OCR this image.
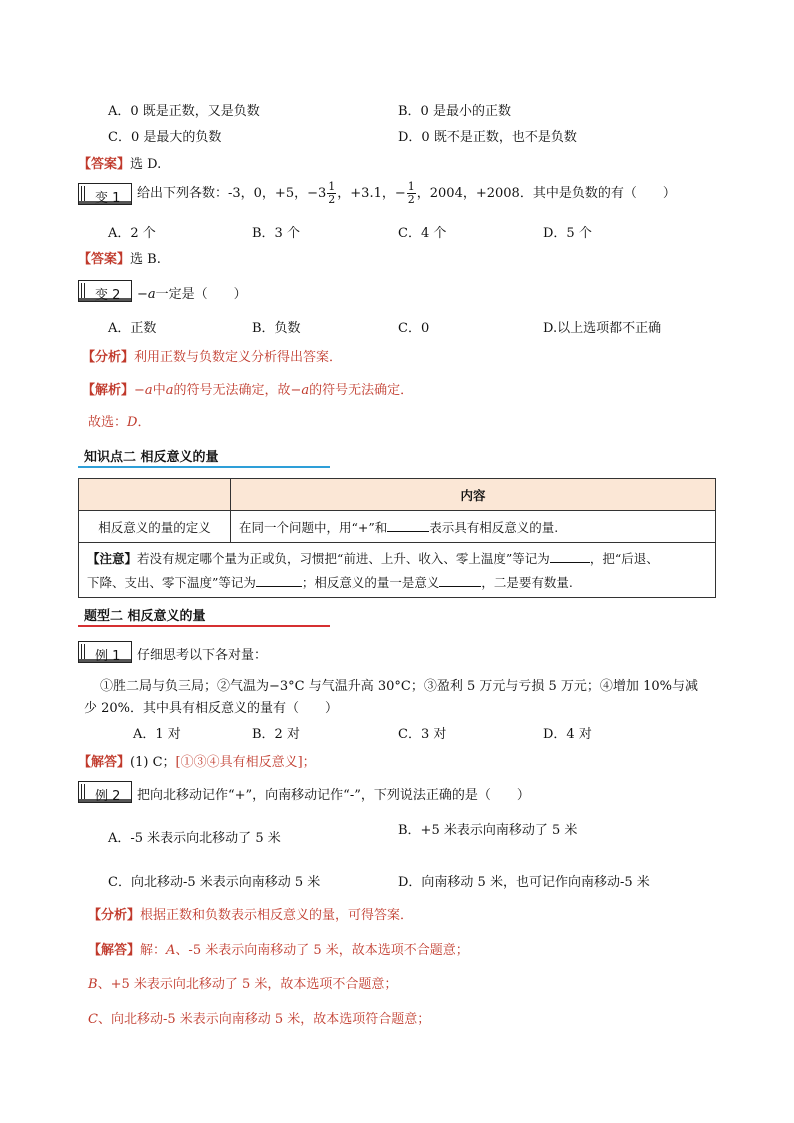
A．0 既是正数，又是负数	B．0 是最小的正数
C．0 是最大的负数	D．0 既不是正数，也不是负数
【答案】选 D.
变 1 给出下列各数：-3，0，+5，$-3 \frac{1}{2}$ ，+3.1，− $\frac{1}{2}$ ，2004，+2008．其中是负数的有（　　）
A．2 个	B．3 个	C．4 个	D．5 个
【答案】选 B.
变 2 −a一定是（　　）
A．正数	B．负数	C．0	D.以上选项都不正确
【分析】利用正数与负数定义分析得出答案．
【解析】−a中a的符号无法确定，故−a的符号无法确定．
故选：D．
知识点二 相反意义的量
	内容
相反意义的量的定义	在同一个问题中，用“+”和 表示具有相反意义的量.
【注意】若没有规定哪个量为正或负，习惯把“前进、上升、收入、零上温度”等记为 ，把“后退、
下降、支出、零下温度”等记为 ；相反意义的量一是意义 ，二是要有数量.	
题型二 相反意义的量
例 1 仔细思考以下各对量：
①胜二局与负三局；②气温为−3°C 与气温升高 30°C；③盈利 5 万元与亏损 5 万元；④增加 10%与减
少 20%．其中具有相反意义的量有（　　）
A．1 对	B．2 对	C．3 对	D．4 对
【解答】(1) C；[①③④具有相反意义]；
例 2 把向北移动记作“+”，向南移动记作“-”，下列说法正确的是（　　）
A．-5 米表示向北移动了 5 米
B．+5 米表示向南移动了 5 米
C．向北移动-5 米表示向南移动 5 米	D．向南移动 5 米，也可记作向南移动-5 米
【分析】根据正数和负数表示相反意义的量，可得答案．
【解答】解：A、-5 米表示向南移动了 5 米，故本选项不合题意；
B、+5 米表示向北移动了 5 米，故本选项不合题意；
C、向北移动-5 米表示向南移动 5 米，故本选项符合题意；
